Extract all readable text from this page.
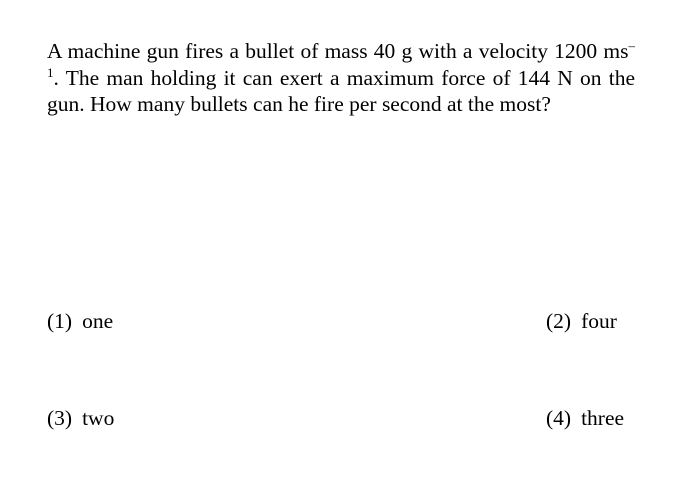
A machine gun fires a bullet of mass 40 g with a velocity 1200 $ms^{-1}$. The man holding it can exert a maximum force of 144 N on the gun. How many bullets can he fire per second at the most?
(1) one	(2) four
(3) two	(4) three
